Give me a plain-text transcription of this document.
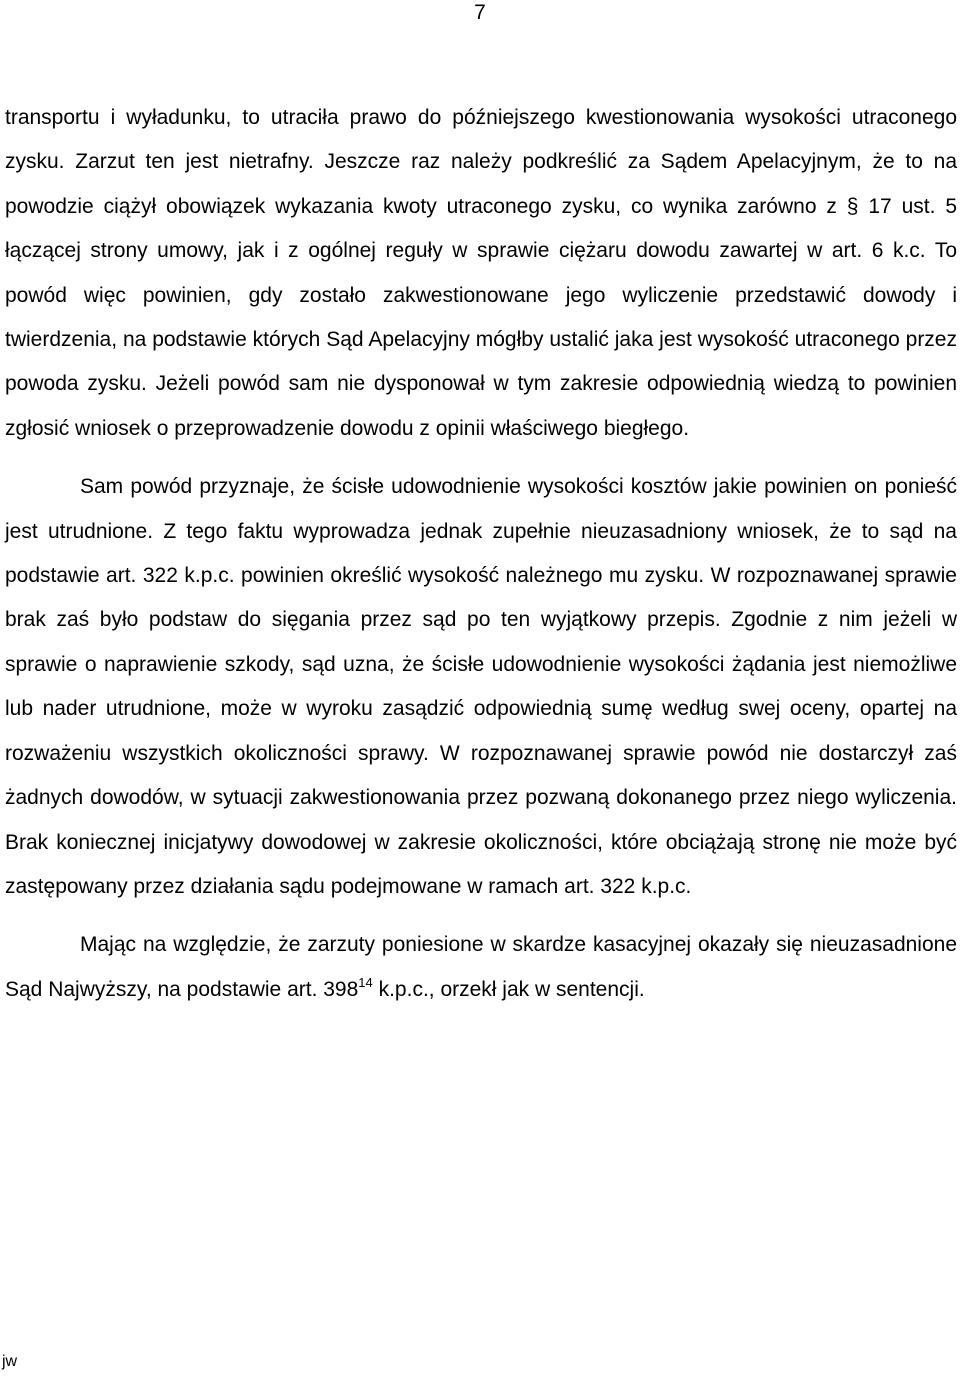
7

transportu i wyładunku, to utraciła prawo do późniejszego kwestionowania wysokości utraconego zysku. Zarzut ten jest nietrafny. Jeszcze raz należy podkreślić za Sądem Apelacyjnym, że to na powodzie ciążył obowiązek wykazania kwoty utraconego zysku, co wynika zarówno z § 17 ust. 5 łączącej strony umowy, jak i z ogólnej reguły w sprawie ciężaru dowodu zawartej w art. 6 k.c. To powód więc powinien, gdy zostało zakwestionowane jego wyliczenie przedstawić dowody i twierdzenia, na podstawie których Sąd Apelacyjny mógłby ustalić jaka jest wysokość utraconego przez powoda zysku. Jeżeli powód sam nie dysponował w tym zakresie odpowiednią wiedzą to powinien zgłosić wniosek o przeprowadzenie dowodu z opinii właściwego biegłego.

Sam powód przyznaje, że ścisłe udowodnienie wysokości kosztów jakie powinien on ponieść jest utrudnione. Z tego faktu wyprowadza jednak zupełnie nieuzasadniony wniosek, że to sąd na podstawie art. 322 k.p.c. powinien określić wysokość należnego mu zysku. W rozpoznawanej sprawie brak zaś było podstaw do sięgania przez sąd po ten wyjątkowy przepis. Zgodnie z nim jeżeli w sprawie o naprawienie szkody, sąd uzna, że ścisłe udowodnienie wysokości żądania jest niemożliwe lub nader utrudnione, może w wyroku zasądzić odpowiednią sumę według swej oceny, opartej na rozważeniu wszystkich okoliczności sprawy. W rozpoznawanej sprawie powód nie dostarczył zaś żadnych dowodów, w sytuacji zakwestionowania przez pozwaną dokonanego przez niego wyliczenia. Brak koniecznej inicjatywy dowodowej w zakresie okoliczności, które obciążają stronę nie może być zastępowany przez działania sądu podejmowane w ramach art. 322 k.p.c.

Mając na względzie, że zarzuty poniesione w skardze kasacyjnej okazały się nieuzasadnione Sąd Najwyższy, na podstawie art. $398^{14}$ k.p.c., orzekł jak w sentencji.

jw
